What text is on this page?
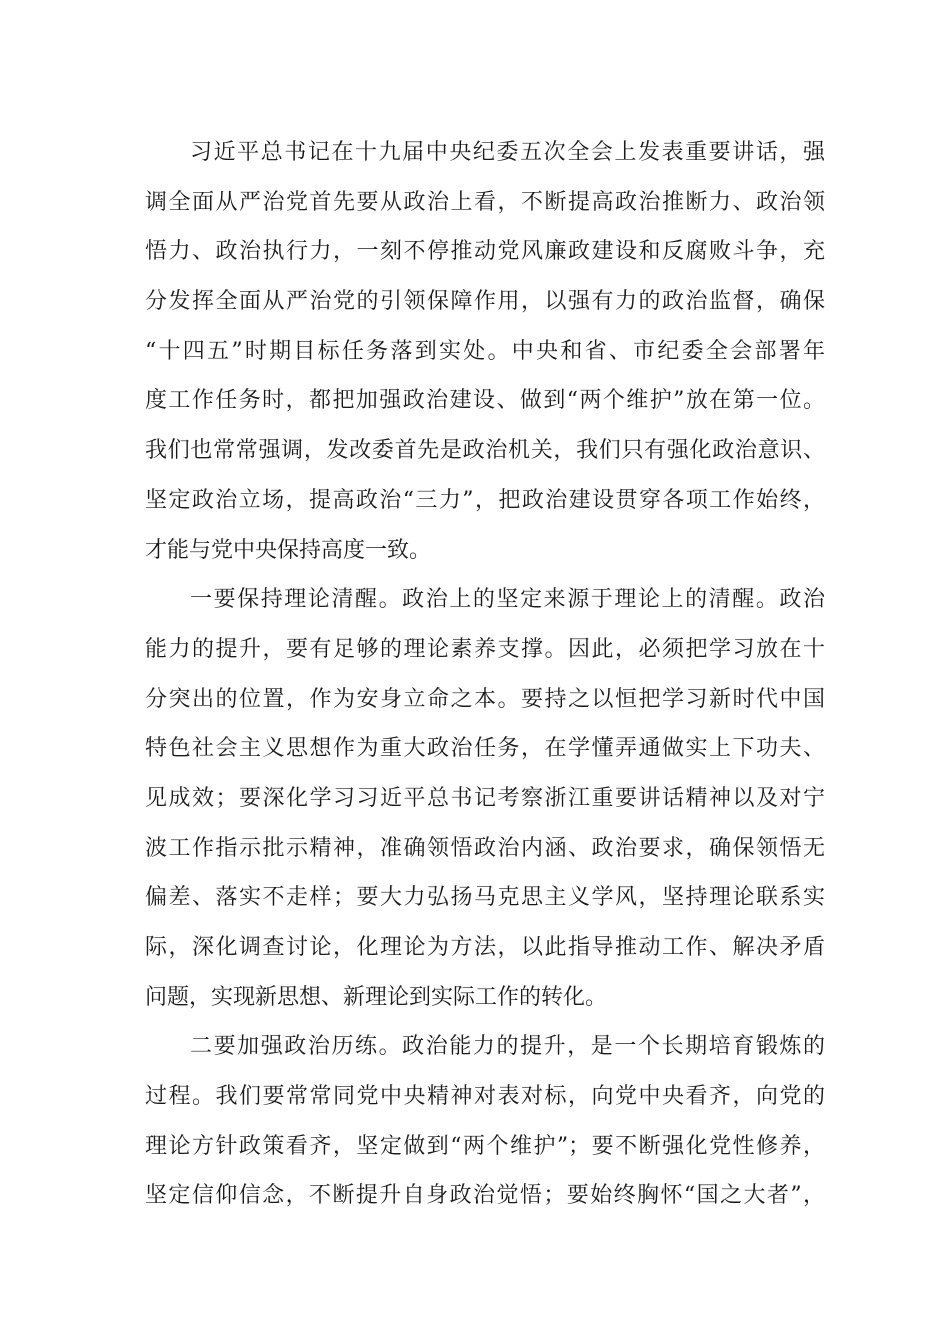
习近平总书记在十九届中央纪委五次全会上发表重要讲话，强
调全面从严治党首先要从政治上看，不断提高政治推断力、政治领
悟力、政治执行力，一刻不停推动党风廉政建设和反腐败斗争，充
分发挥全面从严治党的引领保障作用，以强有力的政治监督，确保
“十四五”时期目标任务落到实处。中央和省、市纪委全会部署年
度工作任务时，都把加强政治建设、做到“两个维护”放在第一位。
我们也常常强调，发改委首先是政治机关，我们只有强化政治意识、
坚定政治立场，提高政治“三力”，把政治建设贯穿各项工作始终，
才能与党中央保持高度一致。
一要保持理论清醒。政治上的坚定来源于理论上的清醒。政治
能力的提升，要有足够的理论素养支撑。因此，必须把学习放在十
分突出的位置，作为安身立命之本。要持之以恒把学习新时代中国
特色社会主义思想作为重大政治任务，在学懂弄通做实上下功夫、
见成效；要深化学习习近平总书记考察浙江重要讲话精神以及对宁
波工作指示批示精神，准确领悟政治内涵、政治要求，确保领悟无
偏差、落实不走样；要大力弘扬马克思主义学风，坚持理论联系实
际，深化调查讨论，化理论为方法，以此指导推动工作、解决矛盾
问题，实现新思想、新理论到实际工作的转化。
二要加强政治历练。政治能力的提升，是一个长期培育锻炼的
过程。我们要常常同党中央精神对表对标，向党中央看齐，向党的
理论方针政策看齐，坚定做到“两个维护”；要不断强化党性修养，
坚定信仰信念，不断提升自身政治觉悟；要始终胸怀“国之大者”，
